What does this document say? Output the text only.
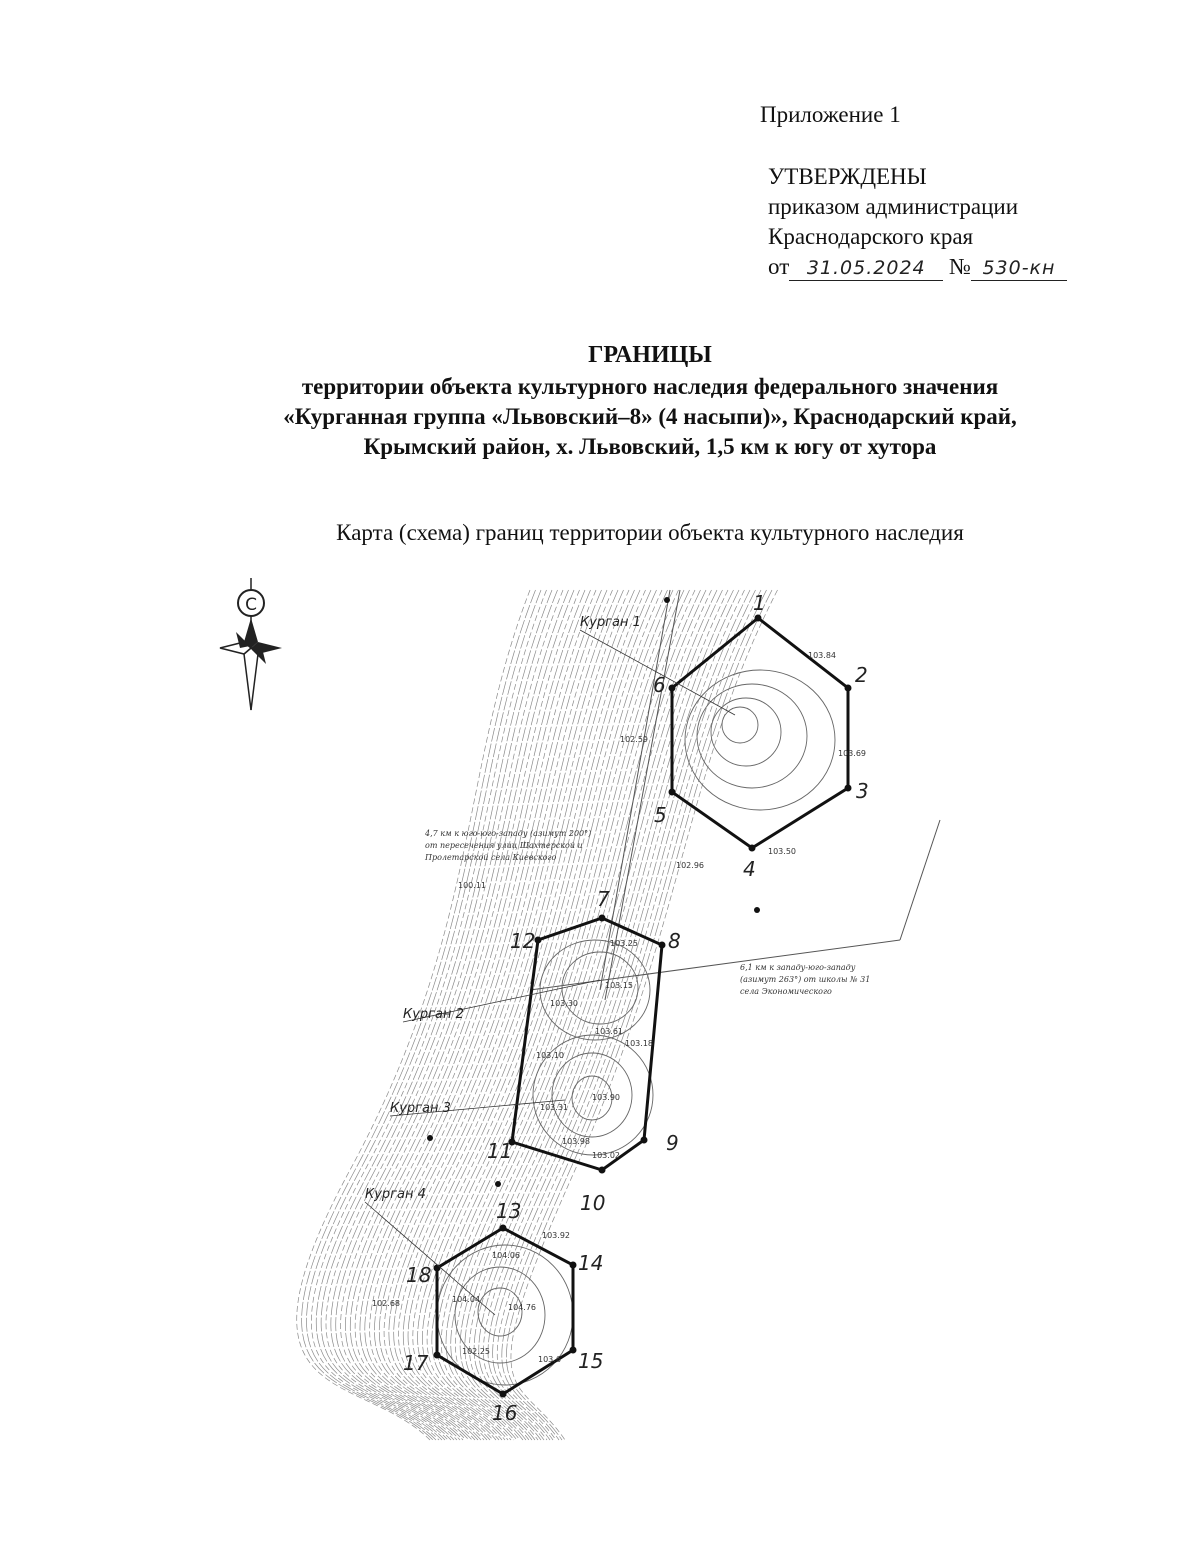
Приложение 1
УТВЕРЖДЕНЫ
приказом администрации
Краснодарского края
от 31.05.2024 № 530-кн
ГРАНИЦЫ
территории объекта культурного наследия федерального значения
«Курганная группа «Львовский–8» (4 насыпи)», Краснодарский край,
Крымский район, х. Львовский, 1,5 км к югу от хутора
Карта (схема) границ территории объекта культурного наследия
С	1
2
3
4
5
6
7
8
9
10
11
12
13
14
15
16
17
18
Курган 1
Курган 2
Курган 3
Курган 4
4,7 км к юго-юго-западу (азимут 200°)
от пересечения улиц Шахтерской и
Пролетарской села Киевского
6,1 км к западу-юго-западу
(азимут 263°) от школы № 31
села Экономического
102.59
100.11
102.96
103.84
103.69
103.50
103.25
103.15
103.30
103.61
103.18
103.10
103.90
103.31
103.98
103.02
102.68	104.04
104.76
103.92
104.06
102.25
103.6
